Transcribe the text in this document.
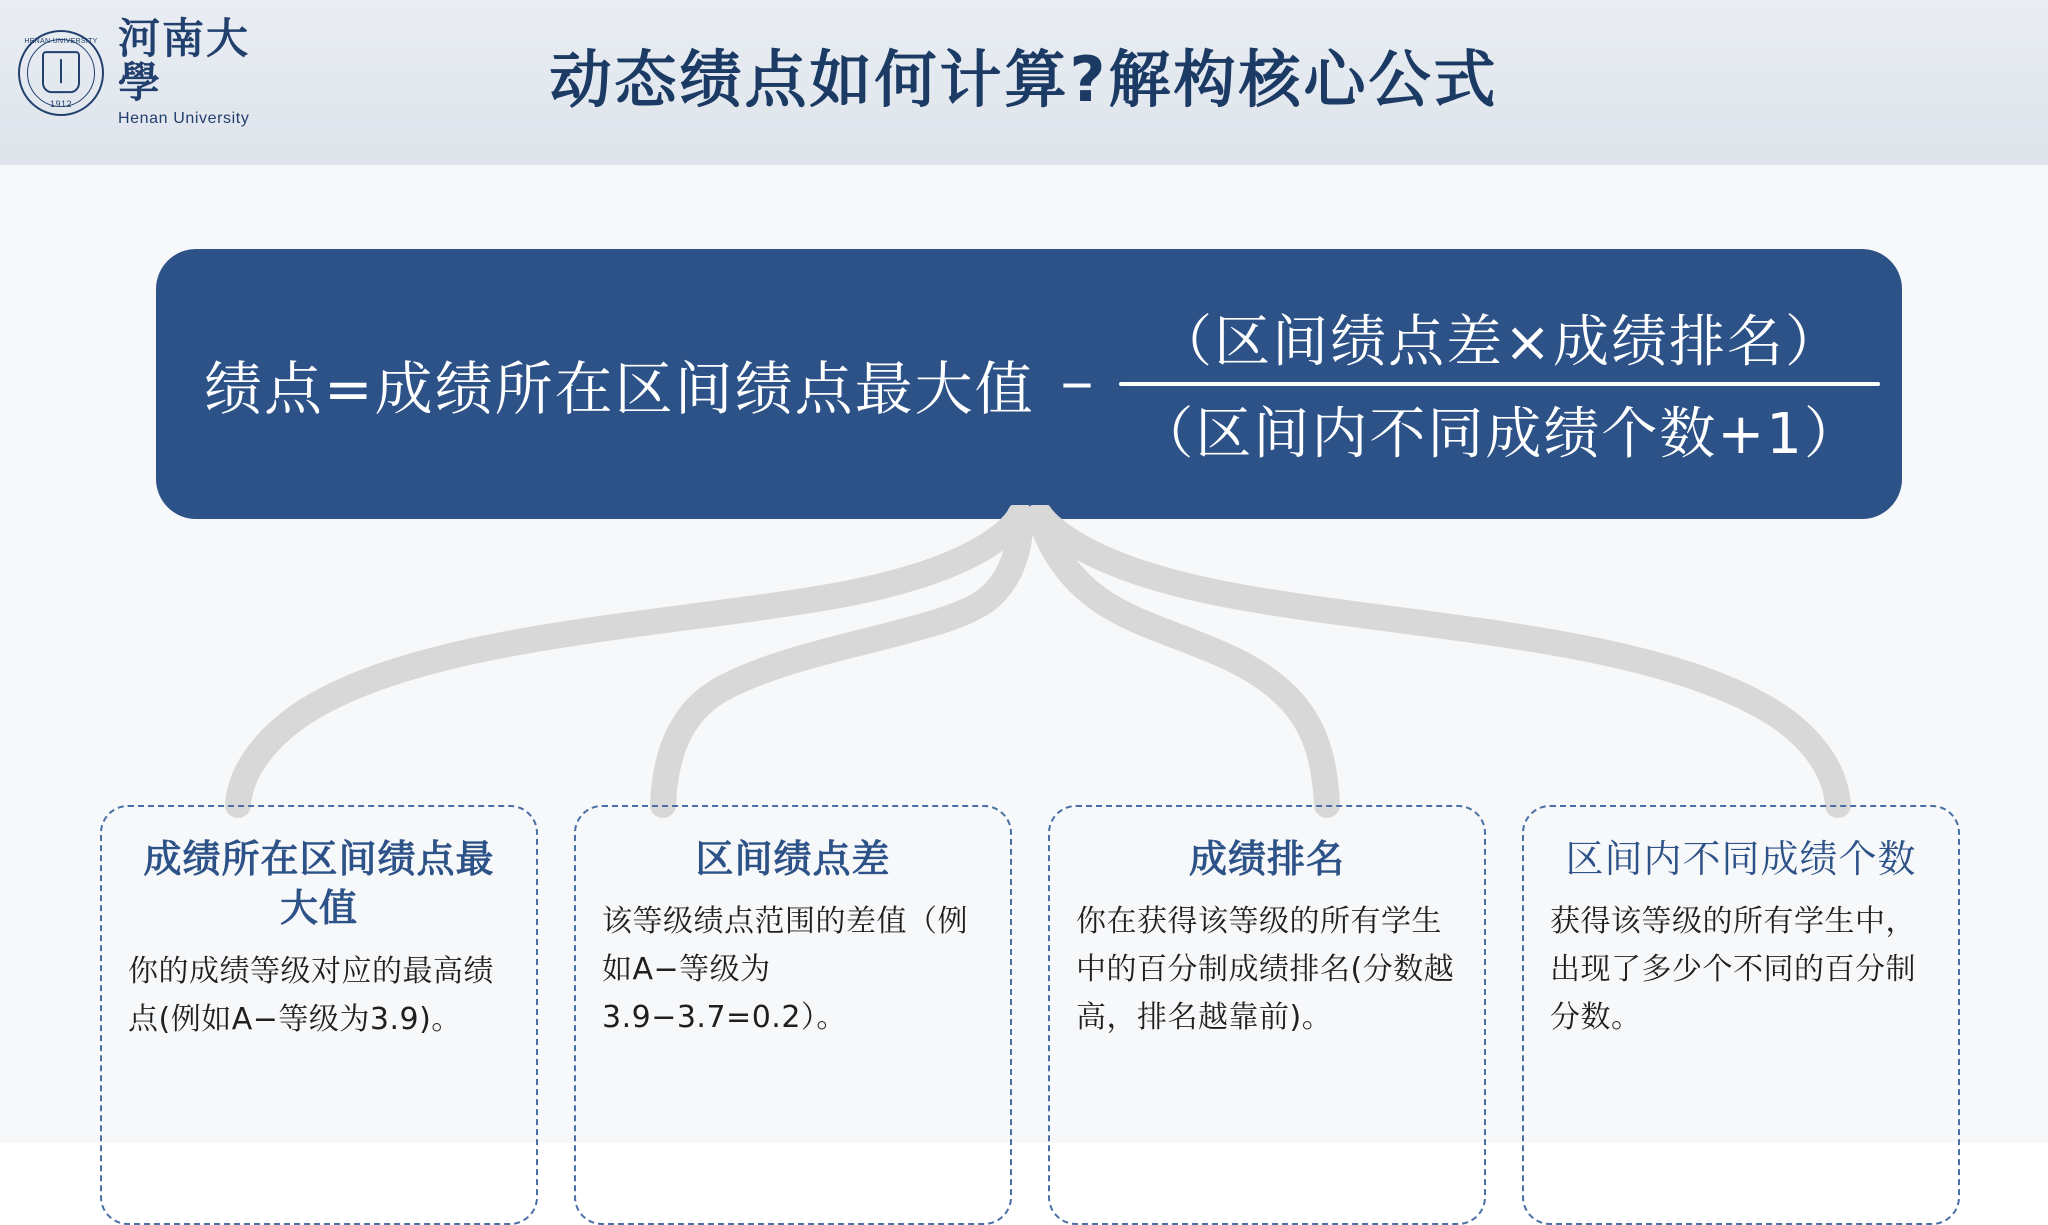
HENAN UNIVERSITY
1912
河南大學
Henan University
动态绩点如何计算?解构核心公式
绩点=成绩所在区间绩点最大值 − $\frac{\text{（区间绩点差×成绩排名）}}{\text{（区间内不同成绩个数+1）}}$
成绩所在区间绩点最大值
你的成绩等级对应的最高绩点(例如A−等级为3.9)。
区间绩点差
该等级绩点范围的差值（例如A−等级为3.9−3.7=0.2）。
成绩排名
你在获得该等级的所有学生中的百分制成绩排名(分数越高，排名越靠前)。
区间内不同成绩个数
获得该等级的所有学生中，出现了多少个不同的百分制分数。
